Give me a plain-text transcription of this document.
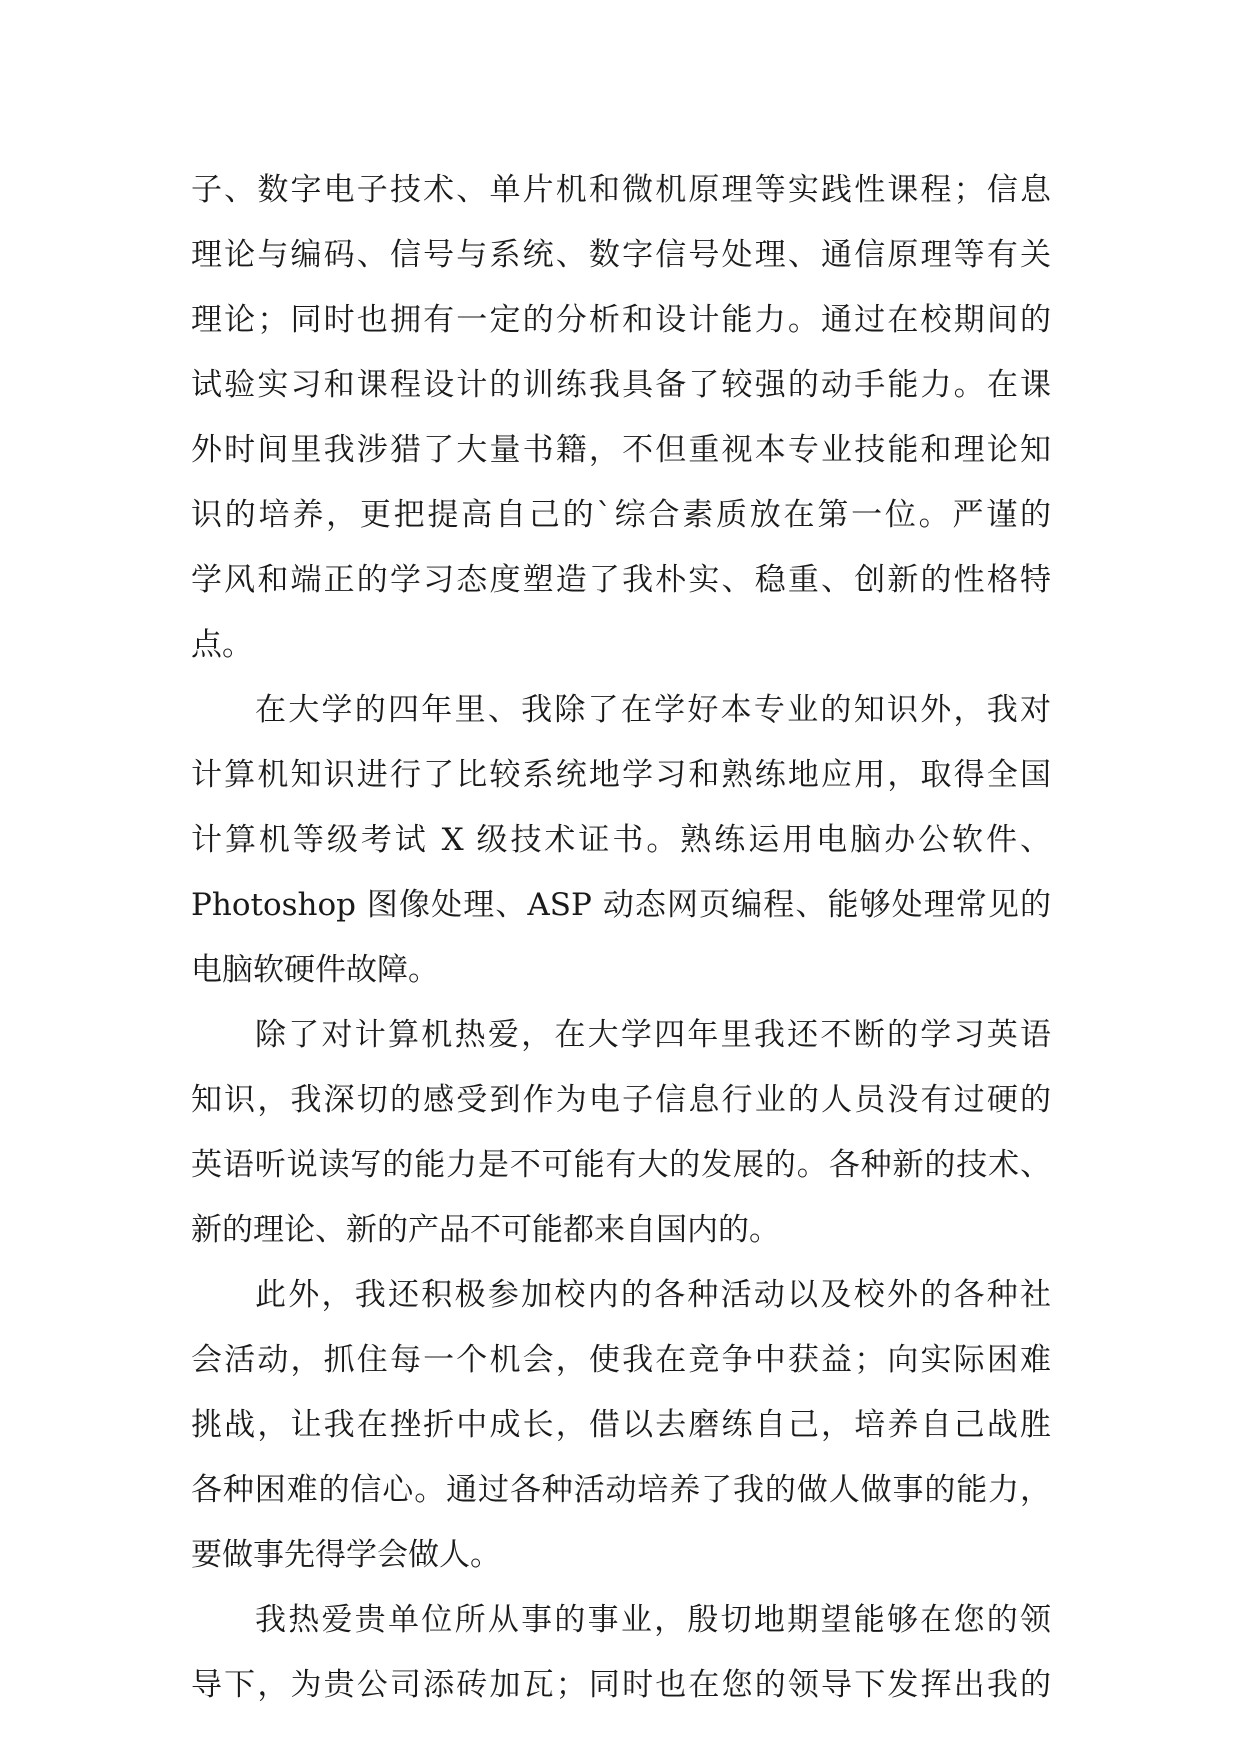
子、数字电子技术、单片机和微机原理等实践性课程；信息
理论与编码、信号与系统、数字信号处理、通信原理等有关
理论；同时也拥有一定的分析和设计能力。通过在校期间的
试验实习和课程设计的训练我具备了较强的动手能力。在课
外时间里我涉猎了大量书籍，不但重视本专业技能和理论知
识的培养，更把提高自己的`综合素质放在第一位。严谨的
学风和端正的学习态度塑造了我朴实、稳重、创新的性格特
点。
在大学的四年里、我除了在学好本专业的知识外，我对
计算机知识进行了比较系统地学习和熟练地应用，取得全国
计算机等级考试 X 级技术证书。熟练运用电脑办公软件、
Photoshop 图像处理、ASP 动态网页编程、能够处理常见的
电脑软硬件故障。
除了对计算机热爱，在大学四年里我还不断的学习英语
知识，我深切的感受到作为电子信息行业的人员没有过硬的
英语听说读写的能力是不可能有大的发展的。各种新的技术、
新的理论、新的产品不可能都来自国内的。
此外，我还积极参加校内的各种活动以及校外的各种社
会活动，抓住每一个机会，使我在竞争中获益；向实际困难
挑战，让我在挫折中成长，借以去磨练自己，培养自己战胜
各种困难的信心。通过各种活动培养了我的做人做事的能力，
要做事先得学会做人。
我热爱贵单位所从事的事业，殷切地期望能够在您的领
导下，为贵公司添砖加瓦；同时也在您的领导下发挥出我的
